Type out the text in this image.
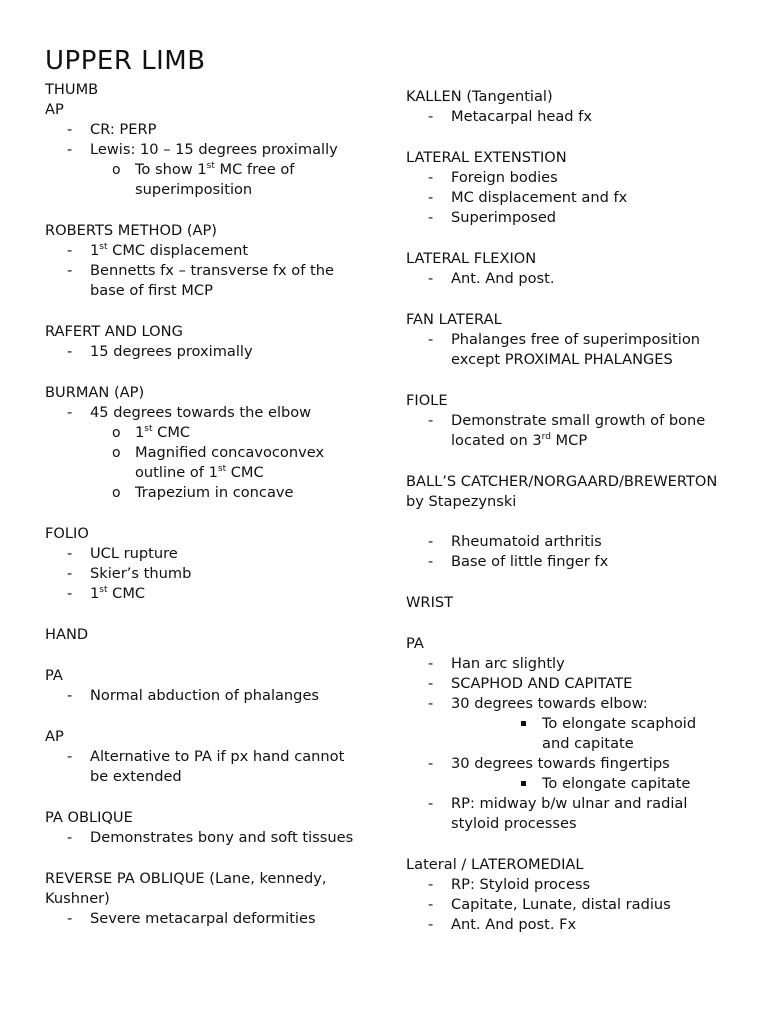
UPPER LIMB
THUMB
AP
- CR: PERP
- Lewis: 10 – 15 degrees proximally
o To show 1st MC free of superimposition
ROBERTS METHOD (AP)
- 1st CMC displacement
- Bennetts fx – transverse fx of the base of first MCP
RAFERT AND LONG
- 15 degrees proximally
BURMAN (AP)
- 45 degrees towards the elbow
o 1st CMC
o Magnified concavoconvex outline of 1st CMC
o Trapezium in concave
FOLIO
- UCL rupture
- Skier’s thumb
- 1st CMC
HAND
PA
- Normal abduction of phalanges
AP
- Alternative to PA if px hand cannot be extended
PA OBLIQUE
- Demonstrates bony and soft tissues
REVERSE PA OBLIQUE (Lane, kennedy, Kushner)
- Severe metacarpal deformities
KALLEN (Tangential)
- Metacarpal head fx
LATERAL EXTENSTION
- Foreign bodies
- MC displacement and fx
- Superimposed
LATERAL FLEXION
- Ant. And post.
FAN LATERAL
- Phalanges free of superimposition except PROXIMAL PHALANGES
FIOLE
- Demonstrate small growth of bone located on 3rd MCP
BALL’S CATCHER/NORGAARD/BREWERTON by Stapezynski
- Rheumatoid arthritis
- Base of little finger fx
WRIST
PA
- Han arc slightly
- SCAPHOD AND CAPITATE
- 30 degrees towards elbow:
To elongate scaphoid and capitate
- 30 degrees towards fingertips
To elongate capitate
- RP: midway b/w ulnar and radial styloid processes
Lateral / LATEROMEDIAL
- RP: Styloid process
- Capitate, Lunate, distal radius
- Ant. And post. Fx
